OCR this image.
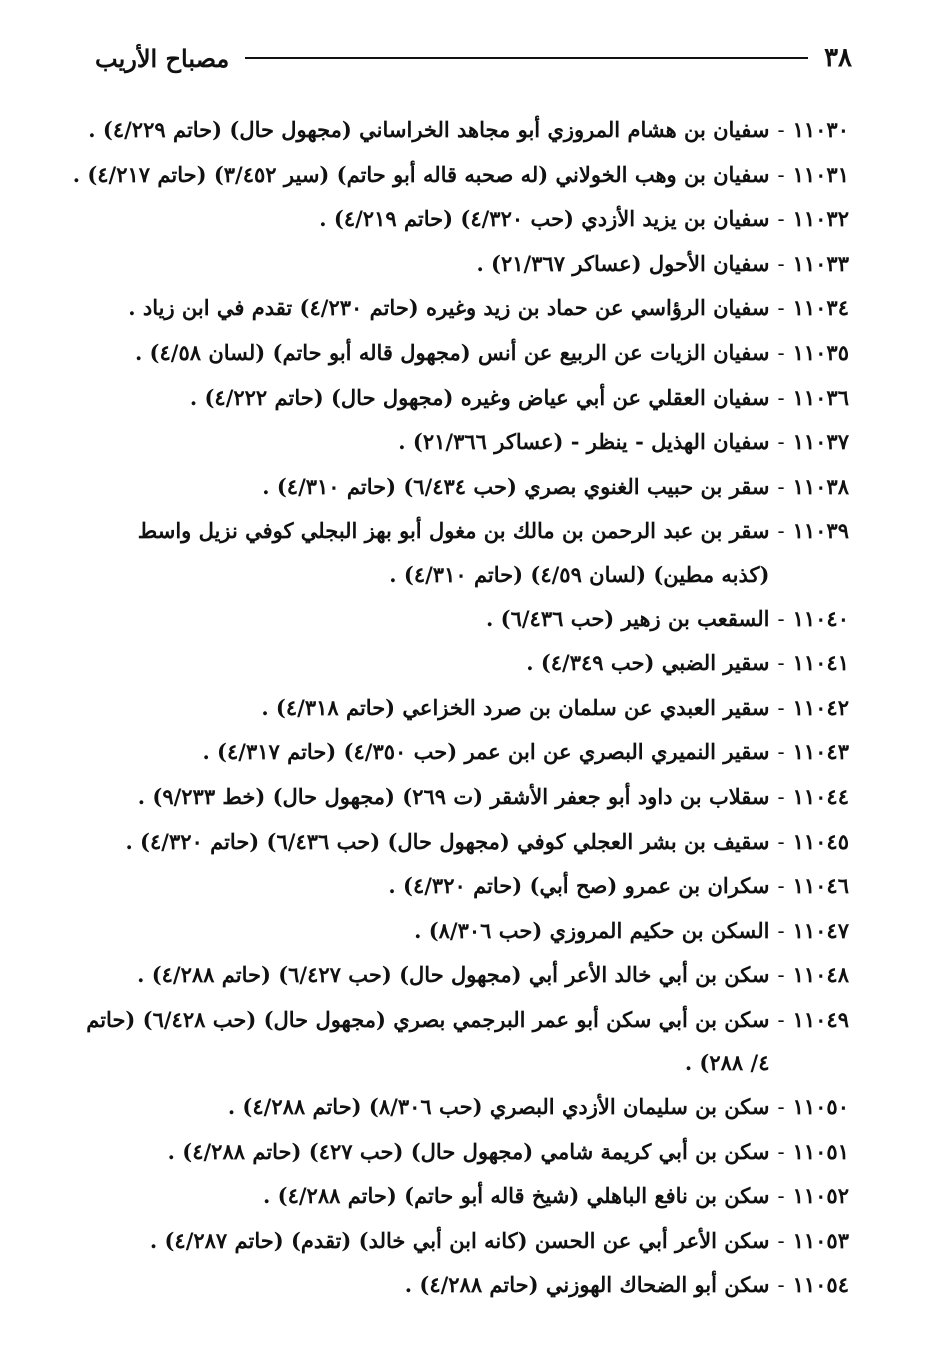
٣٨
مصباح الأريب
١١٠٣٠
-
سفيان بن هشام المروزي أبو مجاهد الخراساني (مجهول حال) (حاتم ٤/٢٢٩) .
١١٠٣١
-
سفيان بن وهب الخولاني (له صحبه قاله أبو حاتم) (سير ٣/٤٥٢) (حاتم ٤/٢١٧) .
١١٠٣٢
-
سفيان بن يزيد الأزدي (حب ٤/٣٢٠) (حاتم ٤/٢١٩) .
١١٠٣٣
-
سفيان الأحول (عساكر ٢١/٣٦٧) .
١١٠٣٤
-
سفيان الرؤاسي عن حماد بن زيد وغيره (حاتم ٤/٢٣٠) تقدم في ابن زياد .
١١٠٣٥
-
سفيان الزيات عن الربيع عن أنس (مجهول قاله أبو حاتم) (لسان ٤/٥٨) .
١١٠٣٦
-
سفيان العقلي عن أبي عياض وغيره (مجهول حال) (حاتم ٤/٢٢٢) .
١١٠٣٧
-
سفيان الهذيل - ينظر - (عساكر ٢١/٣٦٦) .
١١٠٣٨
-
سقر بن حبيب الغنوي بصري (حب ٦/٤٣٤) (حاتم ٤/٣١٠) .
١١٠٣٩
-
سقر بن عبد الرحمن بن مالك بن مغول أبو بهز البجلي كوفي نزيل واسط (كذبه مطين) (لسان ٤/٥٩) (حاتم ٤/٣١٠) .
١١٠٤٠
-
السقعب بن زهير (حب ٦/٤٣٦) .
١١٠٤١
-
سقير الضبي (حب ٤/٣٤٩) .
١١٠٤٢
-
سقير العبدي عن سلمان بن صرد الخزاعي (حاتم ٤/٣١٨) .
١١٠٤٣
-
سقير النميري البصري عن ابن عمر (حب ٤/٣٥٠) (حاتم ٤/٣١٧) .
١١٠٤٤
-
سقلاب بن داود أبو جعفر الأشقر (ت ٢٦٩) (مجهول حال) (خط ٩/٢٣٣) .
١١٠٤٥
-
سقيف بن بشر العجلي كوفي (مجهول حال) (حب ٦/٤٣٦) (حاتم ٤/٣٢٠) .
١١٠٤٦
-
سكران بن عمرو (صح أبي) (حاتم ٤/٣٢٠) .
١١٠٤٧
-
السكن بن حكيم المروزي (حب ٨/٣٠٦) .
١١٠٤٨
-
سكن بن أبي خالد الأعر أبي (مجهول حال) (حب ٦/٤٢٧) (حاتم ٤/٢٨٨) .
١١٠٤٩
-
سكن بن أبي سكن أبو عمر البرجمي بصري (مجهول حال) (حب ٦/٤٢٨) (حاتم ٤/ ٢٨٨) .
١١٠٥٠
-
سكن بن سليمان الأزدي البصري (حب ٨/٣٠٦) (حاتم ٤/٢٨٨) .
١١٠٥١
-
سكن بن أبي كريمة شامي (مجهول حال) (حب ٤٢٧) (حاتم ٤/٢٨٨) .
١١٠٥٢
-
سكن بن نافع الباهلي (شيخ قاله أبو حاتم) (حاتم ٤/٢٨٨) .
١١٠٥٣
-
سكن الأعر أبي عن الحسن (كانه ابن أبي خالد) (تقدم) (حاتم ٤/٢٨٧) .
١١٠٥٤
-
سكن أبو الضحاك الهوزني (حاتم ٤/٢٨٨) .
